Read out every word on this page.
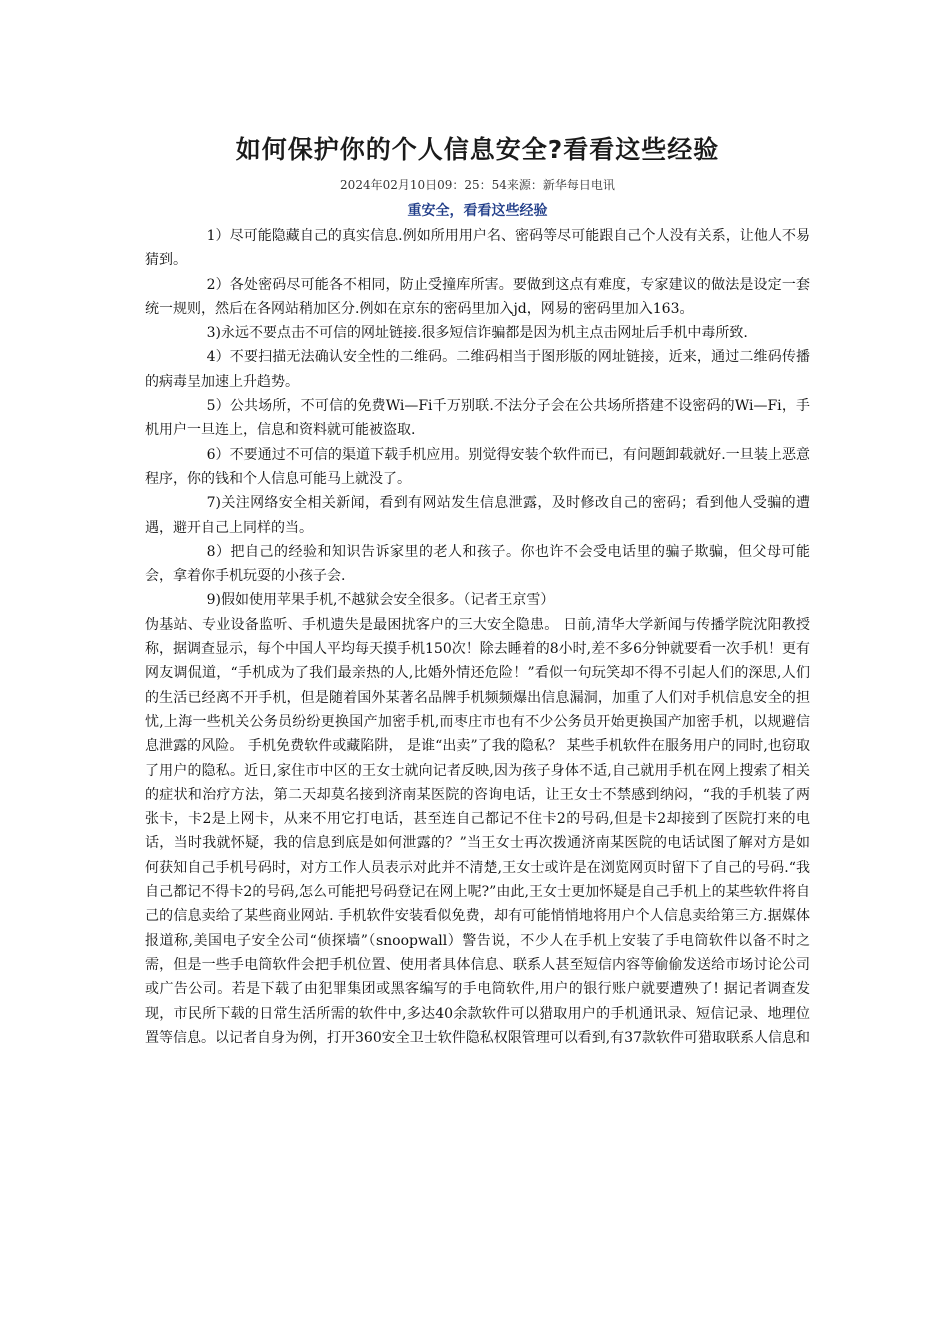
如何保护你的个人信息安全?看看这些经验
2024年02月10日09：25：54来源：新华每日电讯
重安全，看看这些经验

1）尽可能隐藏自己的真实信息.例如所用用户名、密码等尽可能跟自己个人没有关系，让他人不易猜到。

2）各处密码尽可能各不相同，防止受撞库所害。要做到这点有难度，专家建议的做法是设定一套统一规则，然后在各网站稍加区分.例如在京东的密码里加入jd，网易的密码里加入163。

3)永远不要点击不可信的网址链接.很多短信诈骗都是因为机主点击网址后手机中毒所致.

4）不要扫描无法确认安全性的二维码。二维码相当于图形版的网址链接，近来，通过二维码传播的病毒呈加速上升趋势。

5）公共场所，不可信的免费Wi—Fi千万别联.不法分子会在公共场所搭建不设密码的Wi—Fi，手机用户一旦连上，信息和资料就可能被盗取.

6）不要通过不可信的渠道下载手机应用。别觉得安装个软件而已，有问题卸载就好.一旦装上恶意程序，你的钱和个人信息可能马上就没了。

7)关注网络安全相关新闻，看到有网站发生信息泄露，及时修改自己的密码；看到他人受骗的遭遇，避开自己上同样的当。

8）把自己的经验和知识告诉家里的老人和孩子。你也许不会受电话里的骗子欺骗，但父母可能会，拿着你手机玩耍的小孩子会.

9)假如使用苹果手机,不越狱会安全很多。（记者王京雪）

伪基站、专业设备监听、手机遗失是最困扰客户的三大安全隐患。 日前,清华大学新闻与传播学院沈阳教授称，据调查显示，每个中国人平均每天摸手机150次！除去睡着的8小时,差不多6分钟就要看一次手机！更有网友调侃道，“手机成为了我们最亲热的人,比婚外情还危险！”看似一句玩笑却不得不引起人们的深思,人们的生活已经离不开手机，但是随着国外某著名品牌手机频频爆出信息漏洞，加重了人们对手机信息安全的担忧,上海一些机关公务员纷纷更换国产加密手机,而枣庄市也有不少公务员开始更换国产加密手机，以规避信息泄露的风险。 手机免费软件或藏陷阱， 是谁“出卖”了我的隐私？ 某些手机软件在服务用户的同时,也窃取了用户的隐私。近日,家住市中区的王女士就向记者反映,因为孩子身体不适,自己就用手机在网上搜索了相关的症状和治疗方法，第二天却莫名接到济南某医院的咨询电话，让王女士不禁感到纳闷，“我的手机装了两张卡，卡2是上网卡，从来不用它打电话，甚至连自己都记不住卡2的号码,但是卡2却接到了医院打来的电话，当时我就怀疑，我的信息到底是如何泄露的？”当王女士再次拨通济南某医院的电话试图了解对方是如何获知自己手机号码时，对方工作人员表示对此并不清楚,王女士或许是在浏览网页时留下了自己的号码.“我自己都记不得卡2的号码,怎么可能把号码登记在网上呢?”由此,王女士更加怀疑是自己手机上的某些软件将自己的信息卖给了某些商业网站. 手机软件安装看似免费，却有可能悄悄地将用户个人信息卖给第三方.据媒体报道称,美国电子安全公司“侦探墙”（snoopwall）警告说，不少人在手机上安装了手电筒软件以备不时之需，但是一些手电筒软件会把手机位置、使用者具体信息、联系人甚至短信内容等偷偷发送给市场讨论公司或广告公司。若是下载了由犯罪集团或黑客编写的手电筒软件,用户的银行账户就要遭殃了! 据记者调查发现，市民所下载的日常生活所需的软件中,多达40余款软件可以猎取用户的手机通讯录、短信记录、地理位置等信息。以记者自身为例，打开360安全卫士软件隐私权限管理可以看到,有37款软件可猎取联系人信息和
